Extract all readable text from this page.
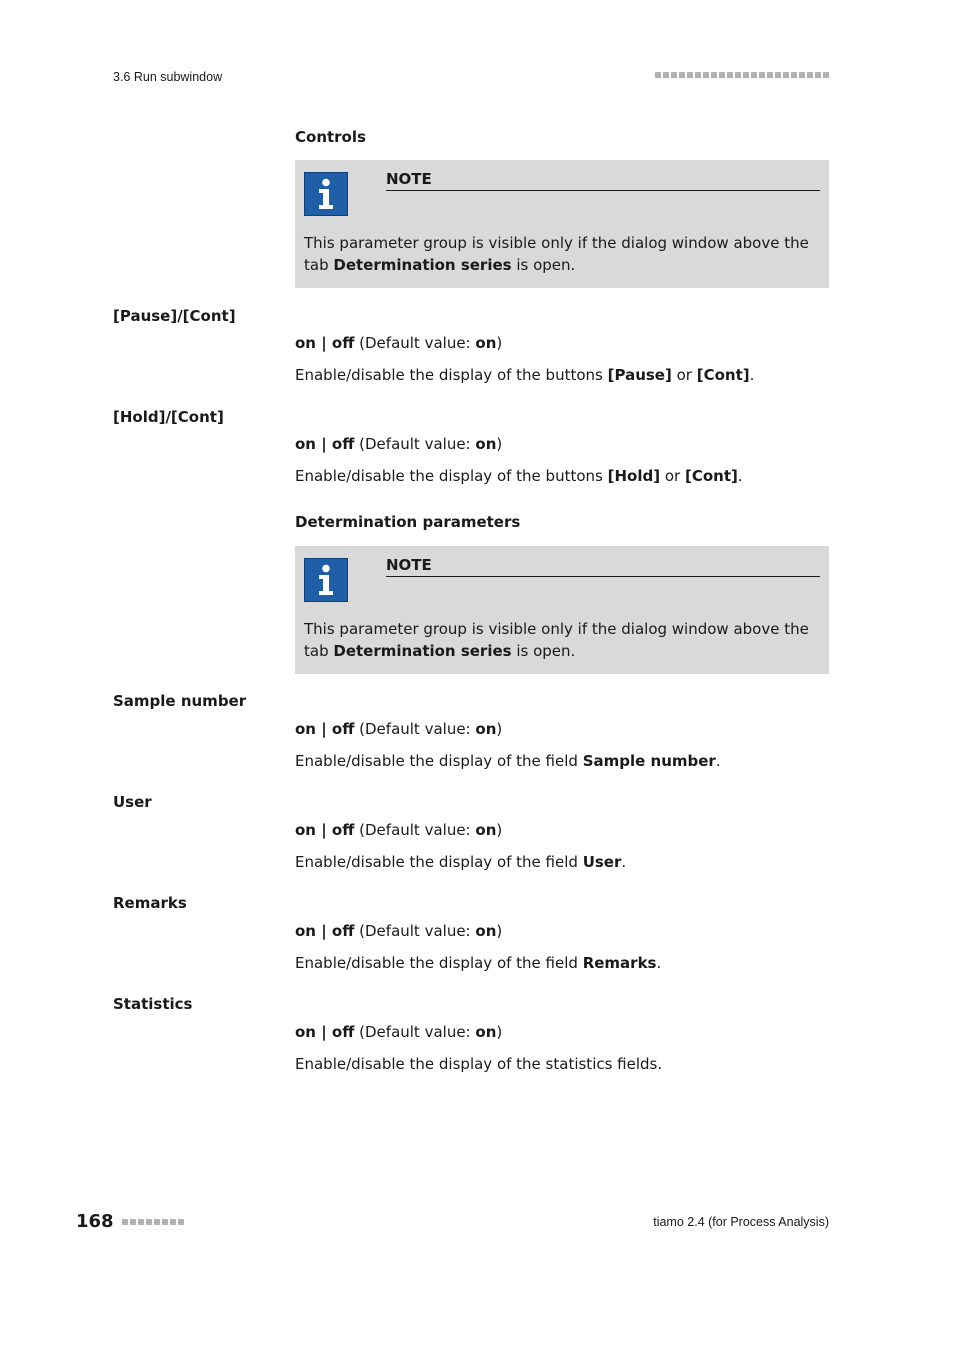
3.6 Run subwindow
Controls
NOTE
This parameter group is visible only if the dialog window above the tab Determination series is open.
[Pause]/[Cont]
on | off (Default value: on)
Enable/disable the display of the buttons [Pause] or [Cont].
[Hold]/[Cont]
on | off (Default value: on)
Enable/disable the display of the buttons [Hold] or [Cont].
Determination parameters
NOTE
This parameter group is visible only if the dialog window above the tab Determination series is open.
Sample number
on | off (Default value: on)
Enable/disable the display of the field Sample number.
User
on | off (Default value: on)
Enable/disable the display of the field User.
Remarks
on | off (Default value: on)
Enable/disable the display of the field Remarks.
Statistics
on | off (Default value: on)
Enable/disable the display of the statistics fields.
168	tiamo 2.4 (for Process Analysis)
